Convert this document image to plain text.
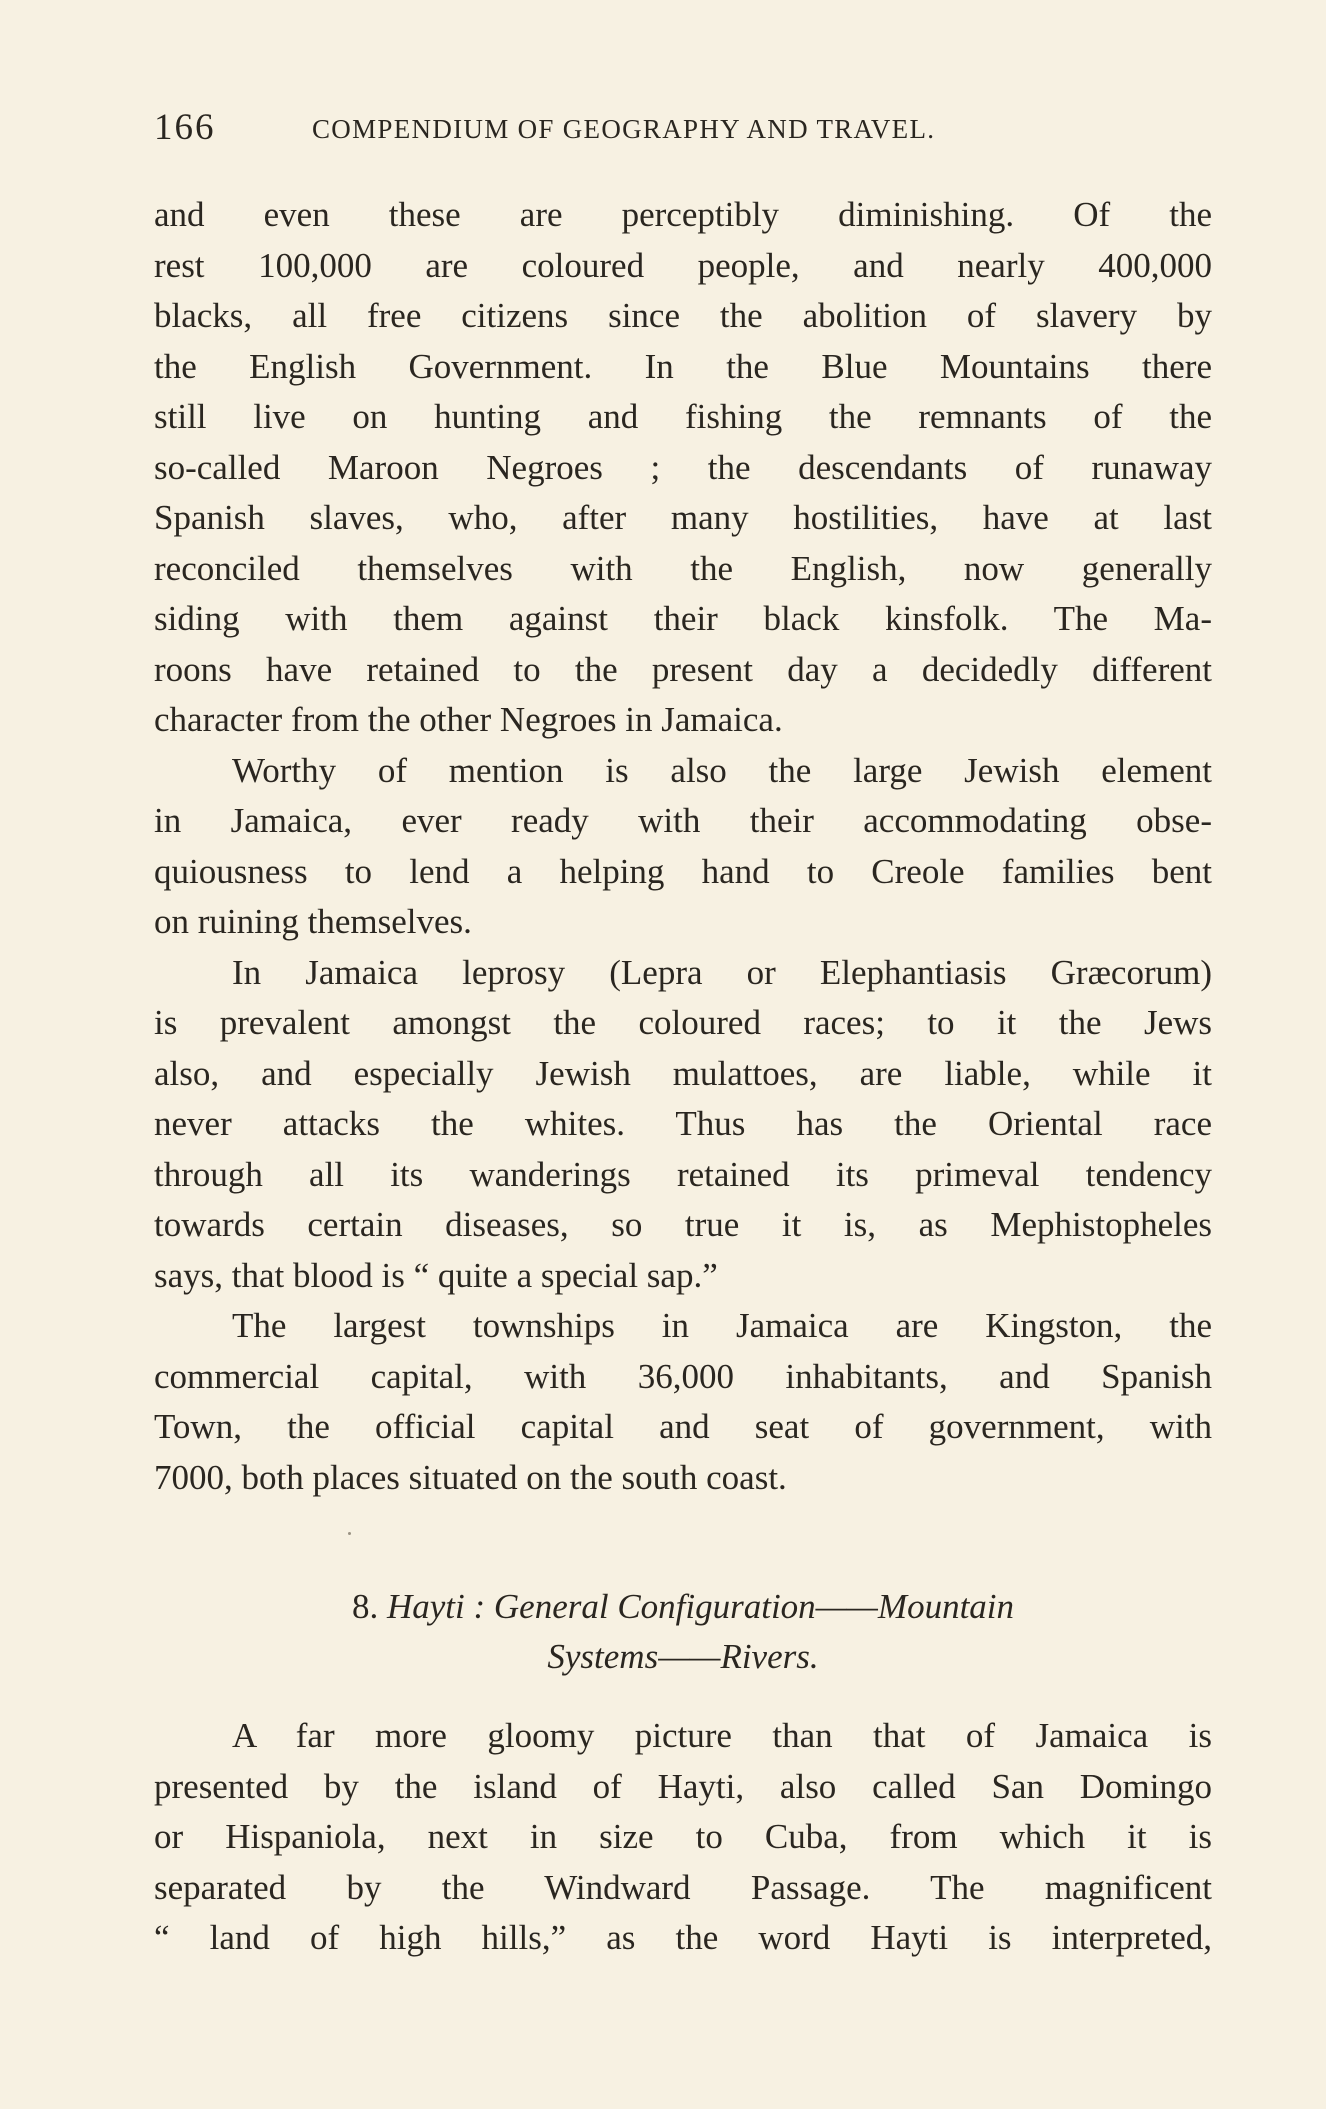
166	COMPENDIUM OF GEOGRAPHY AND TRAVEL.
and even these are perceptibly diminishing. Of the
rest 100,000 are coloured people, and nearly 400,000
blacks, all free citizens since the abolition of slavery by
the English Government. In the Blue Mountains there
still live on hunting and fishing the remnants of the
so-called Maroon Negroes ; the descendants of runaway
Spanish slaves, who, after many hostilities, have at last
reconciled themselves with the English, now generally
siding with them against their black kinsfolk. The Ma-
roons have retained to the present day a decidedly different
character from the other Negroes in Jamaica.
Worthy of mention is also the large Jewish element
in Jamaica, ever ready with their accommodating obse-
quiousness to lend a helping hand to Creole families bent
on ruining themselves.
In Jamaica leprosy (Lepra or Elephantiasis Græcorum)
is prevalent amongst the coloured races; to it the Jews
also, and especially Jewish mulattoes, are liable, while it
never attacks the whites. Thus has the Oriental race
through all its wanderings retained its primeval tendency
towards certain diseases, so true it is, as Mephistopheles
says, that blood is “ quite a special sap.”
The largest townships in Jamaica are Kingston, the
commercial capital, with 36,000 inhabitants, and Spanish
Town, the official capital and seat of government, with
7000, both places situated on the south coast.
8. Hayti : General Configuration——Mountain
Systems——Rivers.
A far more gloomy picture than that of Jamaica is
presented by the island of Hayti, also called San Domingo
or Hispaniola, next in size to Cuba, from which it is
separated by the Windward Passage. The magnificent
“ land of high hills,” as the word Hayti is interpreted,
